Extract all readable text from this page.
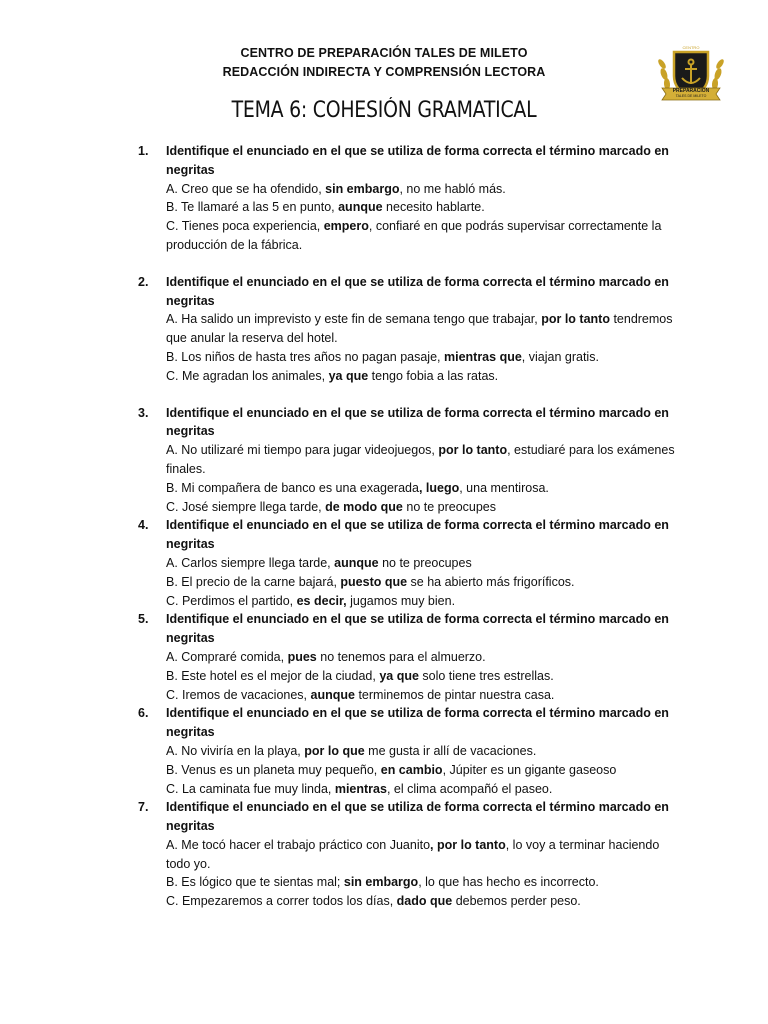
CENTRO DE PREPARACIÓN TALES DE MILETO
REDACCIÓN INDIRECTA Y COMPRENSIÓN LECTORA
PREPARACIÓN
TALES DE MILETO
CENTRO
TEMA 6: COHESIÓN GRAMATICAL
1. Identifique el enunciado en el que se utiliza de forma correcta el término marcado en negritas
A. Creo que se ha ofendido, sin embargo, no me habló más.
B. Te llamaré a las 5 en punto, aunque necesito hablarte.
C. Tienes poca experiencia, empero, confiaré en que podrás supervisar correctamente la producción de la fábrica.
2. Identifique el enunciado en el que se utiliza de forma correcta el término marcado en negritas
A. Ha salido un imprevisto y este fin de semana tengo que trabajar, por lo tanto tendremos que anular la reserva del hotel.
B. Los niños de hasta tres años no pagan pasaje, mientras que, viajan gratis.
C. Me agradan los animales, ya que tengo fobia a las ratas.
3. Identifique el enunciado en el que se utiliza de forma correcta el término marcado en negritas
A. No utilizaré mi tiempo para jugar videojuegos, por lo tanto, estudiaré para los exámenes finales.
B. Mi compañera de banco es una exagerada, luego, una mentirosa.
C. José siempre llega tarde, de modo que no te preocupes
4. Identifique el enunciado en el que se utiliza de forma correcta el término marcado en negritas
A. Carlos siempre llega tarde, aunque no te preocupes
B. El precio de la carne bajará, puesto que se ha abierto más frigoríficos.
C. Perdimos el partido, es decir, jugamos muy bien.
5. Identifique el enunciado en el que se utiliza de forma correcta el término marcado en negritas
A. Compraré comida, pues no tenemos para el almuerzo.
B. Este hotel es el mejor de la ciudad, ya que solo tiene tres estrellas.
C. Iremos de vacaciones, aunque terminemos de pintar nuestra casa.
6. Identifique el enunciado en el que se utiliza de forma correcta el término marcado en negritas
A. No viviría en la playa, por lo que me gusta ir allí de vacaciones.
B. Venus es un planeta muy pequeño, en cambio, Júpiter es un gigante gaseoso
C. La caminata fue muy linda, mientras, el clima acompañó el paseo.
7. Identifique el enunciado en el que se utiliza de forma correcta el término marcado en negritas
A. Me tocó hacer el trabajo práctico con Juanito, por lo tanto, lo voy a terminar haciendo todo yo.
B. Es lógico que te sientas mal; sin embargo, lo que has hecho es incorrecto.
C. Empezaremos a correr todos los días, dado que debemos perder peso.
